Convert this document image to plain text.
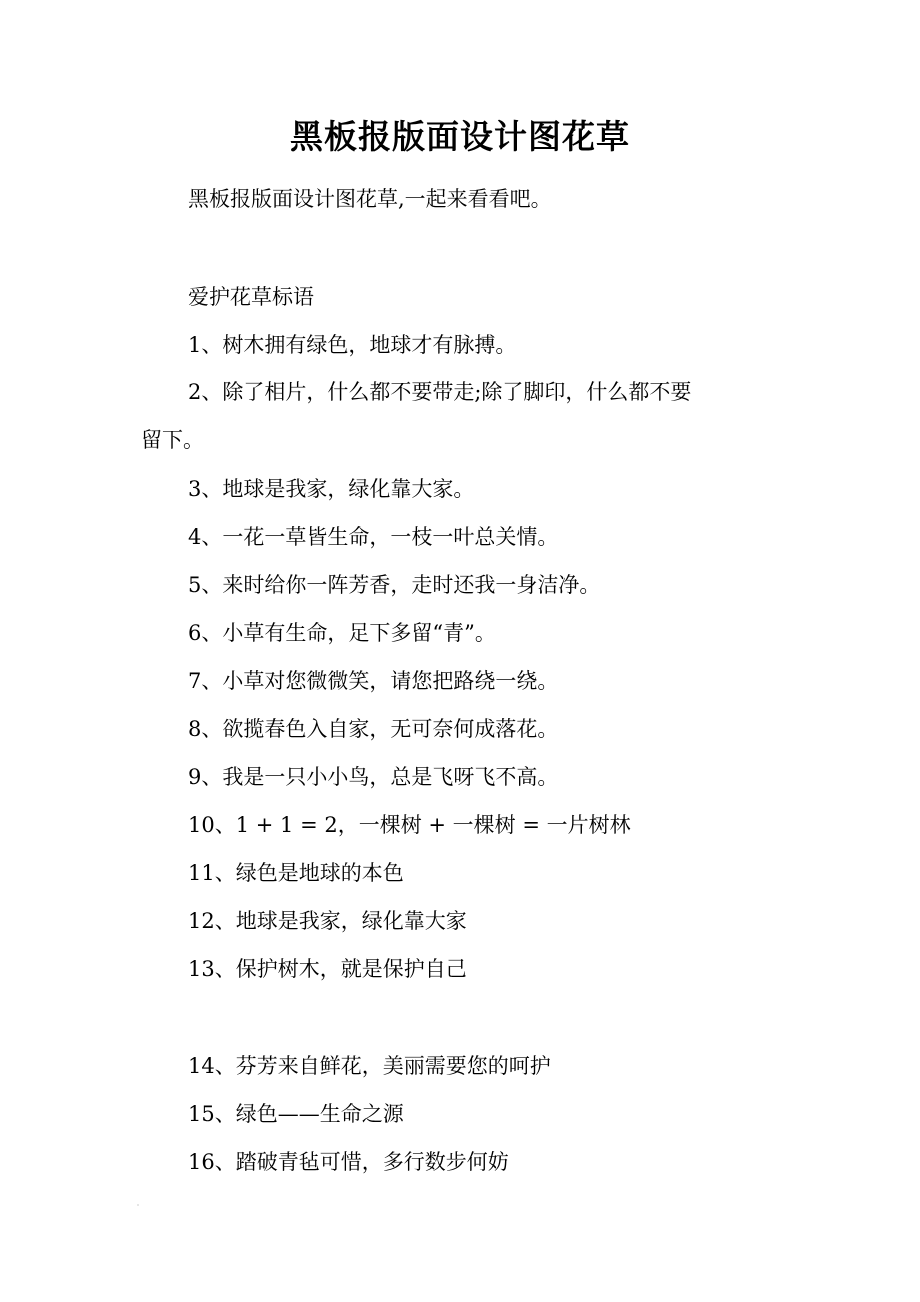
黑板报版面设计图花草
黑板报版面设计图花草,一起来看看吧。
爱护花草标语
1、树木拥有绿色，地球才有脉搏。
2、除了相片，什么都不要带走;除了脚印，什么都不要
留下。
3、地球是我家，绿化靠大家。
4、一花一草皆生命，一枝一叶总关情。
5、来时给你一阵芳香，走时还我一身洁净。
6、小草有生命，足下多留“青”。
7、小草对您微微笑，请您把路绕一绕。
8、欲揽春色入自家，无可奈何成落花。
9、我是一只小小鸟，总是飞呀飞不高。
10、1 + 1 = 2，一棵树 + 一棵树 = 一片树林
11、绿色是地球的本色
12、地球是我家，绿化靠大家
13、保护树木，就是保护自己
14、芬芳来自鲜花，美丽需要您的呵护
15、绿色——生命之源
16、踏破青毡可惜，多行数步何妨
